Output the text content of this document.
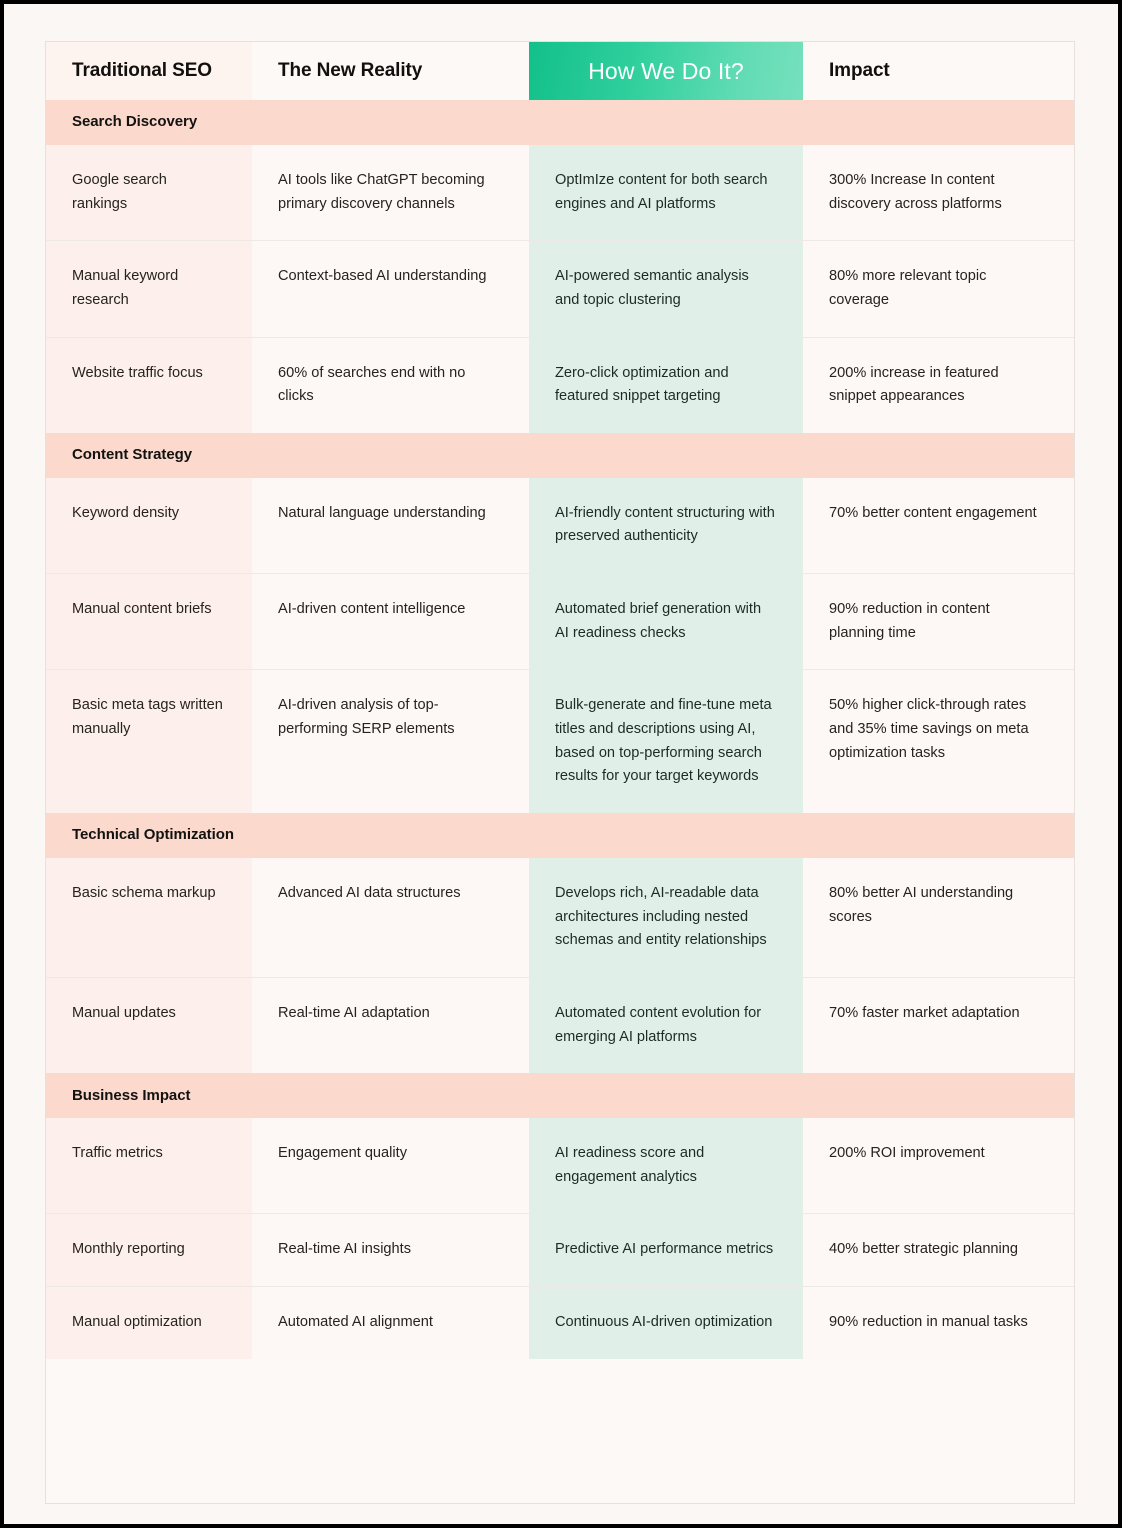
Traditional SEO	The New Reality	How We Do It?	Impact

Search Discovery			

Google search rankings	AI tools like ChatGPT becoming primary discovery channels	OptImIze content for both search engines and AI platforms	300% Increase In content discovery across platforms
Manual keyword research	Context-based AI understanding	AI-powered semantic analysis and topic clustering	80% more relevant topic coverage
Website traffic focus	60% of searches end with no clicks	Zero-click optimization and featured snippet targeting	200% increase in featured snippet appearances

Content Strategy			

Keyword density	Natural language understanding	AI-friendly content structuring with preserved authenticity	70% better content engagement
Manual content briefs	AI-driven content intelligence	Automated brief generation with AI readiness checks	90% reduction in content planning time
Basic meta tags written manually	AI-driven analysis of top-performing SERP elements	Bulk-generate and fine-tune meta titles and descriptions using AI, based on top-performing search results for your target keywords	50% higher click-through rates and 35% time savings on meta optimization tasks

Technical Optimization			

Basic schema markup	Advanced AI data structures	Develops rich, AI-readable data architectures including nested schemas and entity relationships	80% better AI understanding scores
Manual updates	Real-time AI adaptation	Automated content evolution for emerging AI platforms	70% faster market adaptation

Business Impact			

Traffic metrics	Engagement quality	AI readiness score and engagement analytics	200% ROI improvement
Monthly reporting	Real-time AI insights	Predictive AI performance metrics	40% better strategic planning
Manual optimization	Automated AI alignment	Continuous AI-driven optimization	90% reduction in manual tasks
